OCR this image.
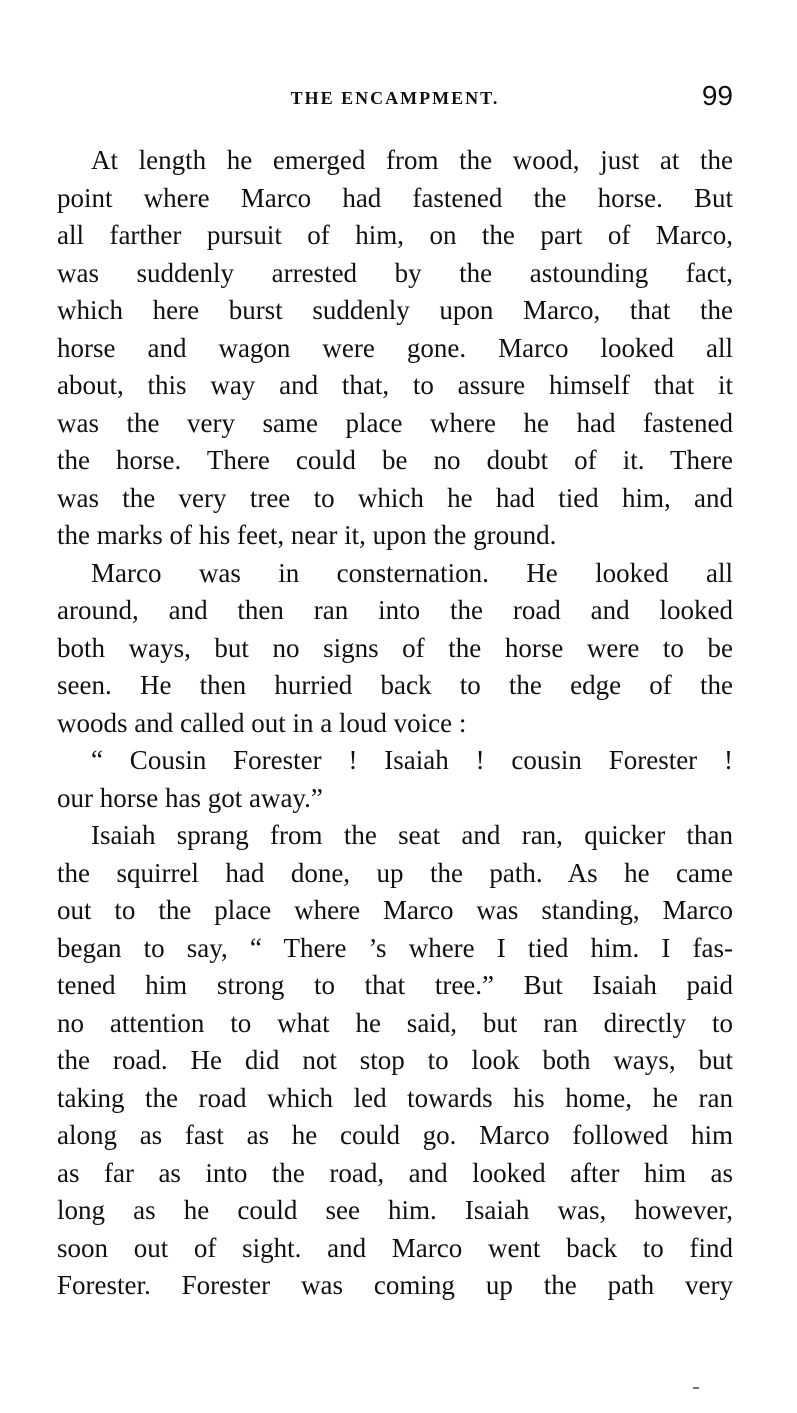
THE ENCAMPMENT.	99
At length he emerged from the wood, just at the
point where Marco had fastened the horse. But
all farther pursuit of him, on the part of Marco,
was suddenly arrested by the astounding fact,
which here burst suddenly upon Marco, that the
horse and wagon were gone. Marco looked all
about, this way and that, to assure himself that it
was the very same place where he had fastened
the horse. There could be no doubt of it. There
was the very tree to which he had tied him, and
the marks of his feet, near it, upon the ground.
Marco was in consternation. He looked all
around, and then ran into the road and looked
both ways, but no signs of the horse were to be
seen. He then hurried back to the edge of the
woods and called out in a loud voice :
“ Cousin Forester ! Isaiah ! cousin Forester !
our horse has got away.”
Isaiah sprang from the seat and ran, quicker than
the squirrel had done, up the path. As he came
out to the place where Marco was standing, Marco
began to say, “ There ’s where I tied him. I fas-
tened him strong to that tree.” But Isaiah paid
no attention to what he said, but ran directly to
the road. He did not stop to look both ways, but
taking the road which led towards his home, he ran
along as fast as he could go. Marco followed him
as far as into the road, and looked after him as
long as he could see him. Isaiah was, however,
soon out of sight. and Marco went back to find
Forester. Forester was coming up the path very
